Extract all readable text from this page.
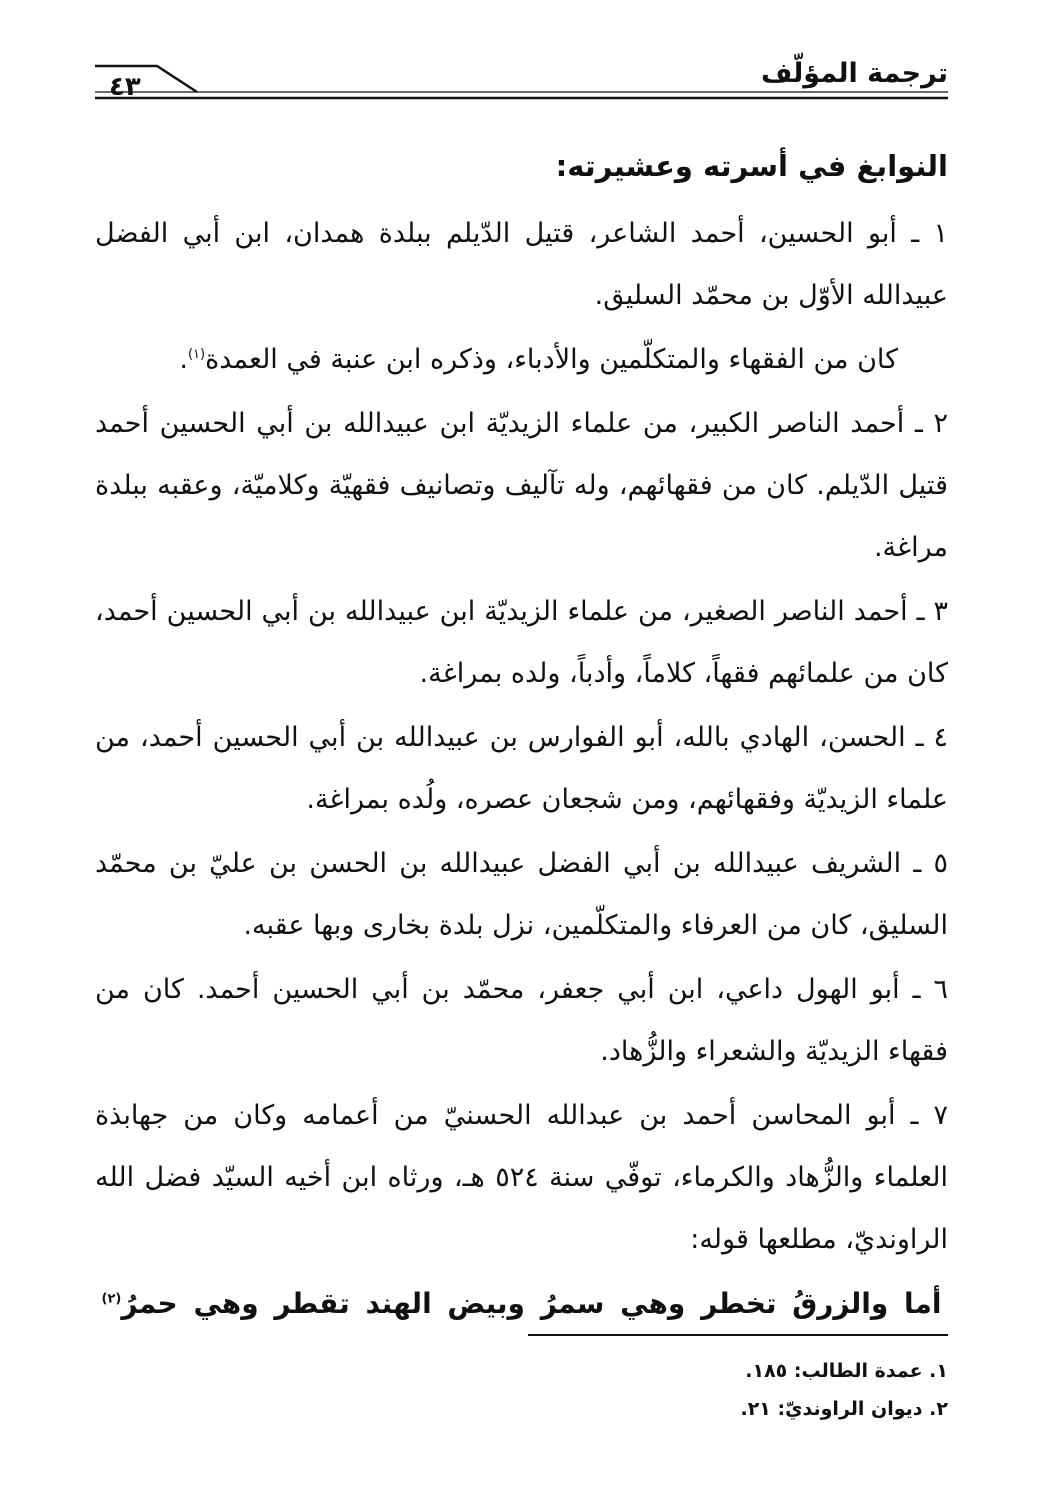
ترجمة المؤلّف
٤٣

النوابغ في أسرته وعشيرته:

١ ـ أبو الحسين، أحمد الشاعر، قتيل الدّيلم ببلدة همدان، ابن أبي الفضل عبيدالله الأوّل بن محمّد السليق.

كان من الفقهاء والمتكلّمين والأدباء، وذكره ابن عنبة في العمدة$^{(١)}$.

٢ ـ أحمد الناصر الكبير، من علماء الزيديّة ابن عبيدالله بن أبي الحسين أحمد قتيل الدّيلم. كان من فقهائهم، وله تآليف وتصانيف فقهيّة وكلاميّة، وعقبه ببلدة مراغة.

٣ ـ أحمد الناصر الصغير، من علماء الزيديّة ابن عبيدالله بن أبي الحسين أحمد، كان من علمائهم فقهاً، كلاماً، وأدباً، ولده بمراغة.

٤ ـ الحسن، الهادي بالله، أبو الفوارس بن عبيدالله بن أبي الحسين أحمد، من علماء الزيديّة وفقهائهم، ومن شجعان عصره، ولُده بمراغة.

٥ ـ الشريف عبيدالله بن أبي الفضل عبيدالله بن الحسن بن عليّ بن محمّد السليق، كان من العرفاء والمتكلّمين، نزل بلدة بخارى وبها عقبه.

٦ ـ أبو الهول داعي، ابن أبي جعفر، محمّد بن أبي الحسين أحمد. كان من فقهاء الزيديّة والشعراء والزُّهاد.

٧ ـ أبو المحاسن أحمد بن عبدالله الحسنيّ من أعمامه وكان من جهابذة العلماء والزُّهاد والكرماء، توفّي سنة ٥٢٤ هـ، ورثاه ابن أخيه السيّد فضل الله الراونديّ، مطلعها قوله:

أما والزرقُ تخطر وهي سمرُ وبيض الهند تقطر وهي حمرُ$^{(٢)}$

١. عمدة الطالب: ١٨٥.

٢. ديوان الراونديّ: ٢١.
